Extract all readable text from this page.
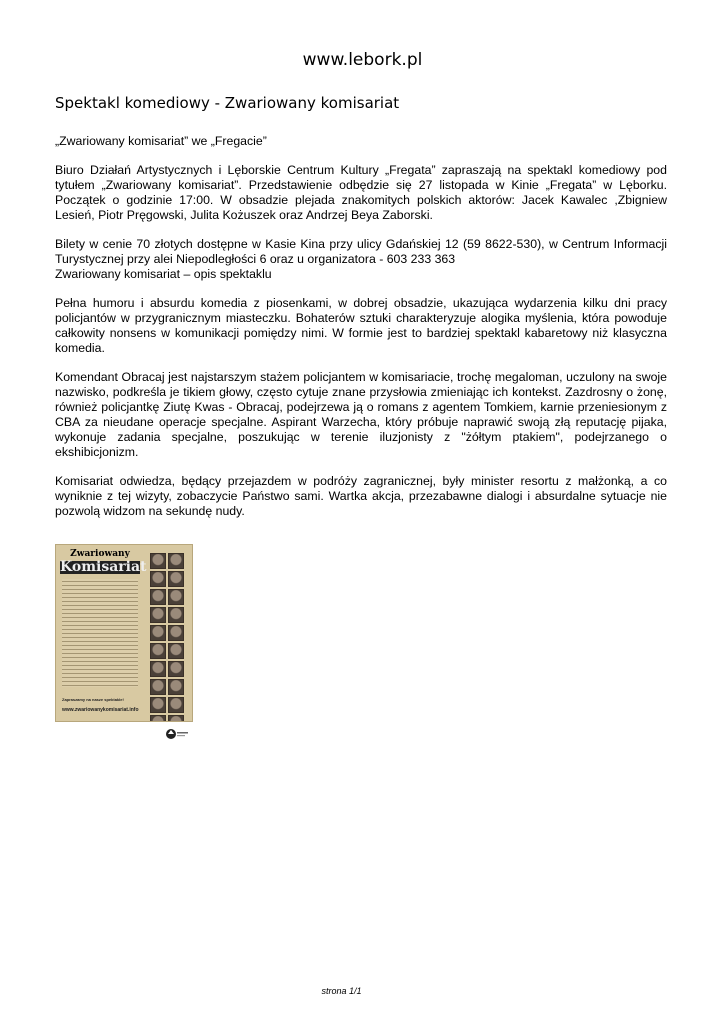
www.lebork.pl
Spektakl komediowy - Zwariowany komisariat

„Zwariowany komisariat” we „Fregacie”

Biuro Działań Artystycznych i Lęborskie Centrum Kultury „Fregata” zapraszają na spektakl komediowy pod tytułem „Zwariowany komisariat”. Przedstawienie odbędzie się 27 listopada w Kinie „Fregata” w Lęborku. Początek o godzinie 17:00. W obsadzie plejada znakomitych polskich aktorów: Jacek Kawalec ,Zbigniew Lesień, Piotr Pręgowski, Julita Kożuszek oraz Andrzej Beya Zaborski.

Bilety w cenie 70 złotych dostępne w Kasie Kina przy ulicy Gdańskiej 12 (59 8622-530), w Centrum Informacji Turystycznej przy alei Niepodległości 6 oraz u organizatora - 603 233 363
Zwariowany komisariat – opis spektaklu

Pełna humoru i absurdu komedia z piosenkami, w dobrej obsadzie, ukazująca wydarzenia kilku dni pracy policjantów w przygranicznym miasteczku. Bohaterów sztuki charakteryzuje alogika myślenia, która powoduje całkowity nonsens w komunikacji pomiędzy nimi. W formie jest to bardziej spektakl kabaretowy niż klasyczna komedia.

Komendant Obracaj jest najstarszym stażem policjantem w komisariacie, trochę megaloman, uczulony na swoje nazwisko, podkreśla je tikiem głowy, często cytuje znane przysłowia zmieniając ich kontekst. Zazdrosny o żonę, również policjantkę Ziutę Kwas - Obracaj, podejrzewa ją o romans z agentem Tomkiem, karnie przeniesionym z CBA za nieudane operacje specjalne. Aspirant Warzecha, który próbuje naprawić swoją złą reputację pijaka, wykonuje zadania specjalne, poszukując w terenie iluzjonisty z "żółtym ptakiem", podejrzanego o ekshibicjonizm.

Komisariat odwiedza, będący przejazdem w podróży zagranicznej, były minister resortu z małżonką, a co wyniknie z tej wizyty, zobaczycie Państwo sami. Wartka akcja, przezabawne dialogi i absurdalne sytuacje nie pozwolą widzom na sekundę nudy.

Zwariowany
Komisariat

Zapraszamy na nasze spektakle!
www.zwariowanykomisariat.info
strona 1/1
